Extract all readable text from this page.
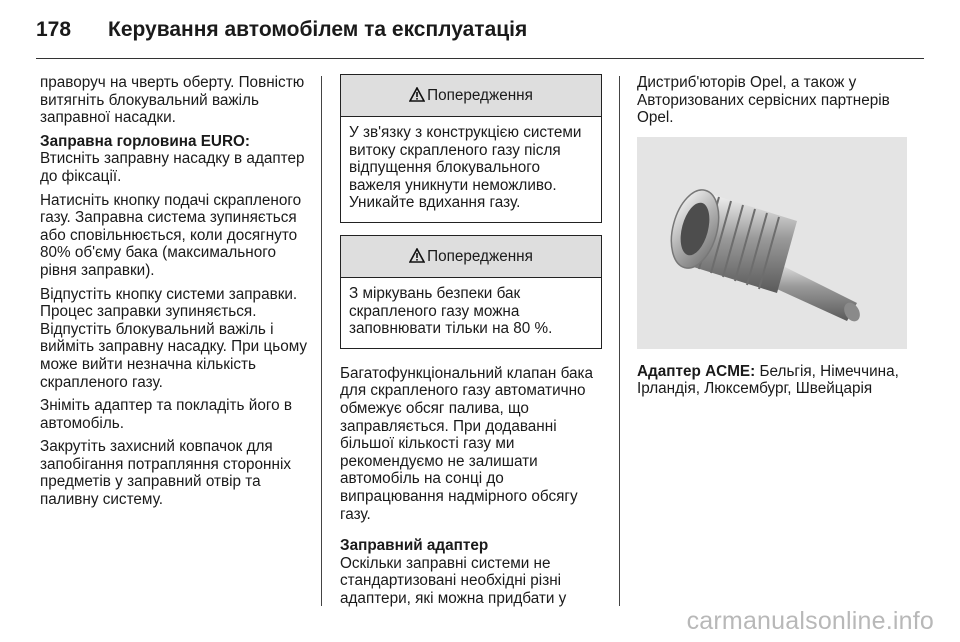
178	Керування автомобілем та експлуатація

праворуч на чверть оберту. Повністю витягніть блокувальний важіль заправної насадки.

Заправна горловина EURO:
Втисніть заправну насадку в адаптер до фіксації.

Натисніть кнопку подачі скрапленого газу. Заправна система зупиняється або сповільнюється, коли досягнуто 80% об'єму бака (максимального рівня заправки).

Відпустіть кнопку системи заправки. Процес заправки зупиняється. Відпустіть блокувальний важіль і вийміть заправну насадку. При цьому може вийти незначна кількість скрапленого газу.

Зніміть адаптер та покладіть його в автомобіль.

Закрутіть захисний ковпачок для запобігання потрапляння сторонніх предметів у заправний отвір та паливну систему.

Попередження
У зв'язку з конструкцією системи витоку скрапленого газу після відпущення блокувального важеля уникнути неможливо. Уникайте вдихання газу.
Попередження
З міркувань безпеки бак скрапленого газу можна заповнювати тільки на 80 %.

Багатофункціональний клапан бака для скрапленого газу автоматично обмежує обсяг палива, що заправляється. При додаванні більшої кількості газу ми рекомендуємо не залишати автомобіль на сонці до випрацювання надмірного обсягу газу.

Заправний адаптер
Оскільки заправні системи не стандартизовані необхідні різні адаптери, які можна придбати у

Дистриб'юторів Opel, а також у Авторизованих сервісних партнерів Opel.

Адаптер ACME: Бельгія, Німеччина, Ірландія, Люксембург, Швейцарія

carmanualsonline.info
